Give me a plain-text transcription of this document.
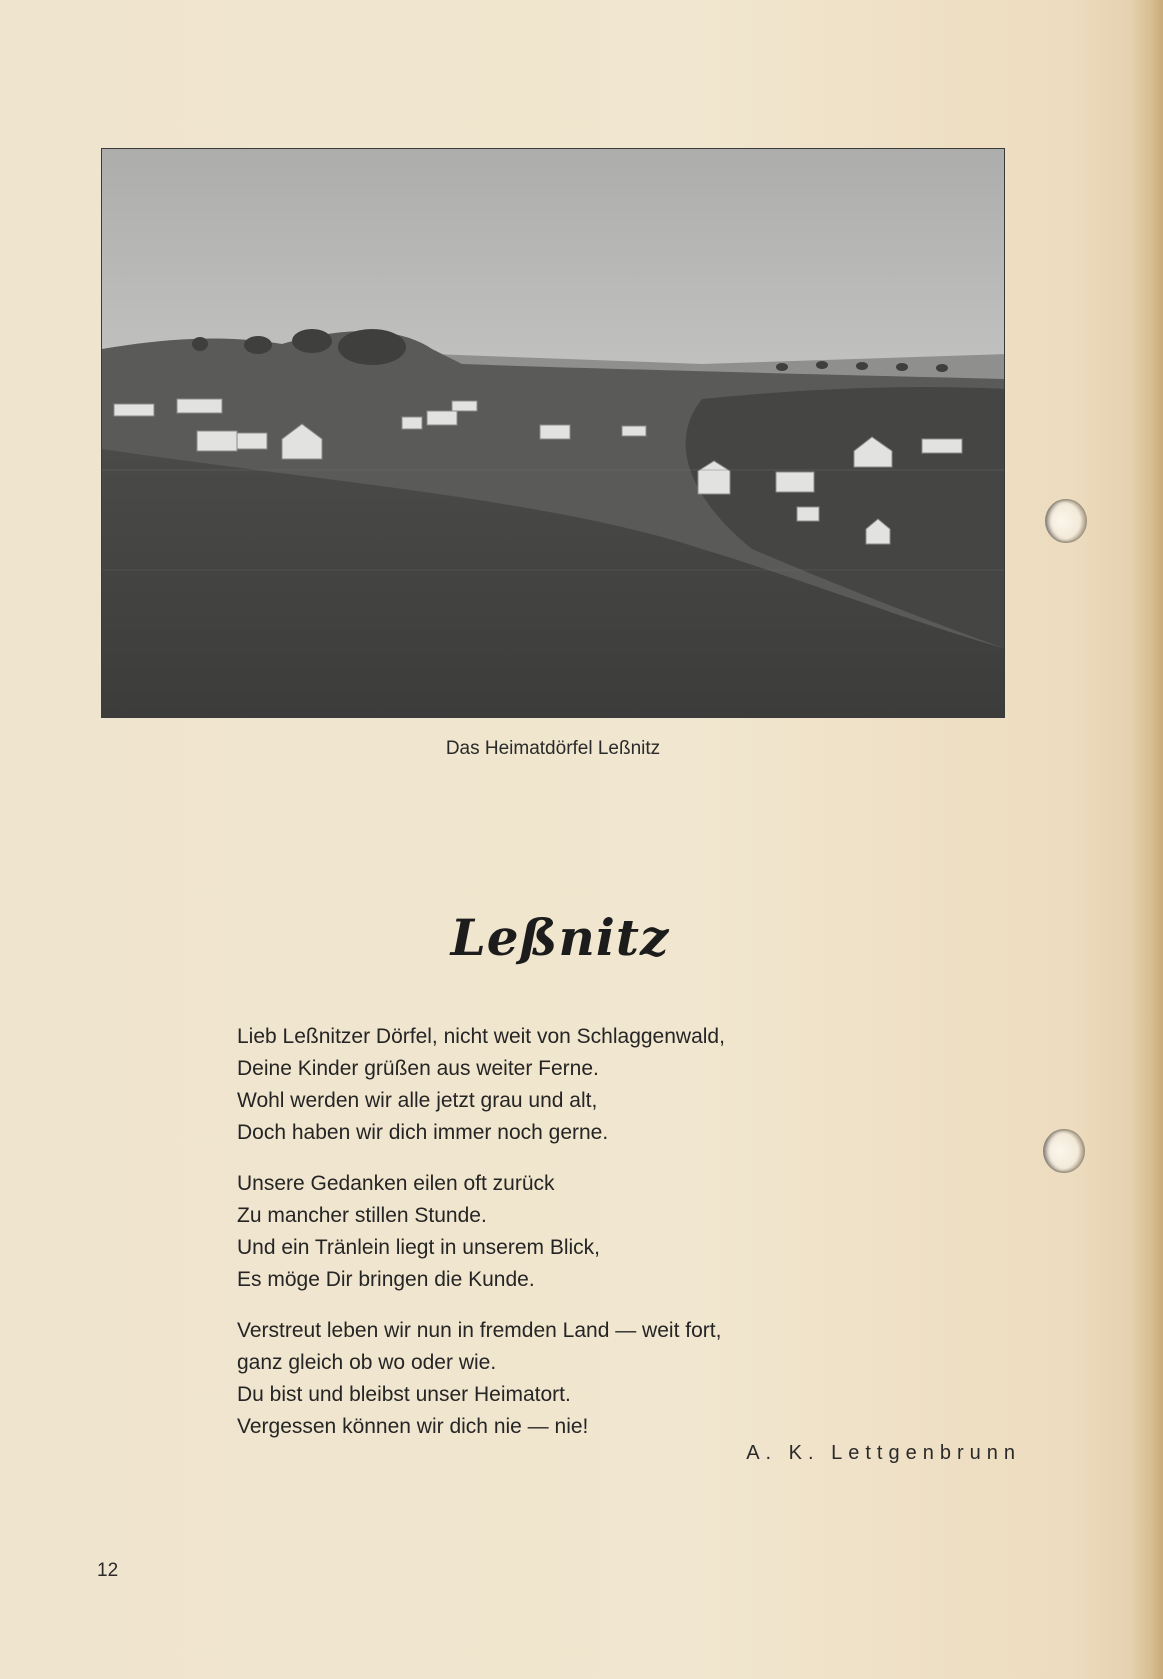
Das Heimatdörfel Leßnitz
Leßnitz
Lieb Leßnitzer Dörfel, nicht weit von Schlaggenwald,
Deine Kinder grüßen aus weiter Ferne.
Wohl werden wir alle jetzt grau und alt,
Doch haben wir dich immer noch gerne.
Unsere Gedanken eilen oft zurück
Zu mancher stillen Stunde.
Und ein Tränlein liegt in unserem Blick,
Es möge Dir bringen die Kunde.
Verstreut leben wir nun in fremden Land — weit fort,
ganz gleich ob wo oder wie.
Du bist und bleibst unser Heimatort.
Vergessen können wir dich nie — nie!
A. K. Lettgenbrunn
12
